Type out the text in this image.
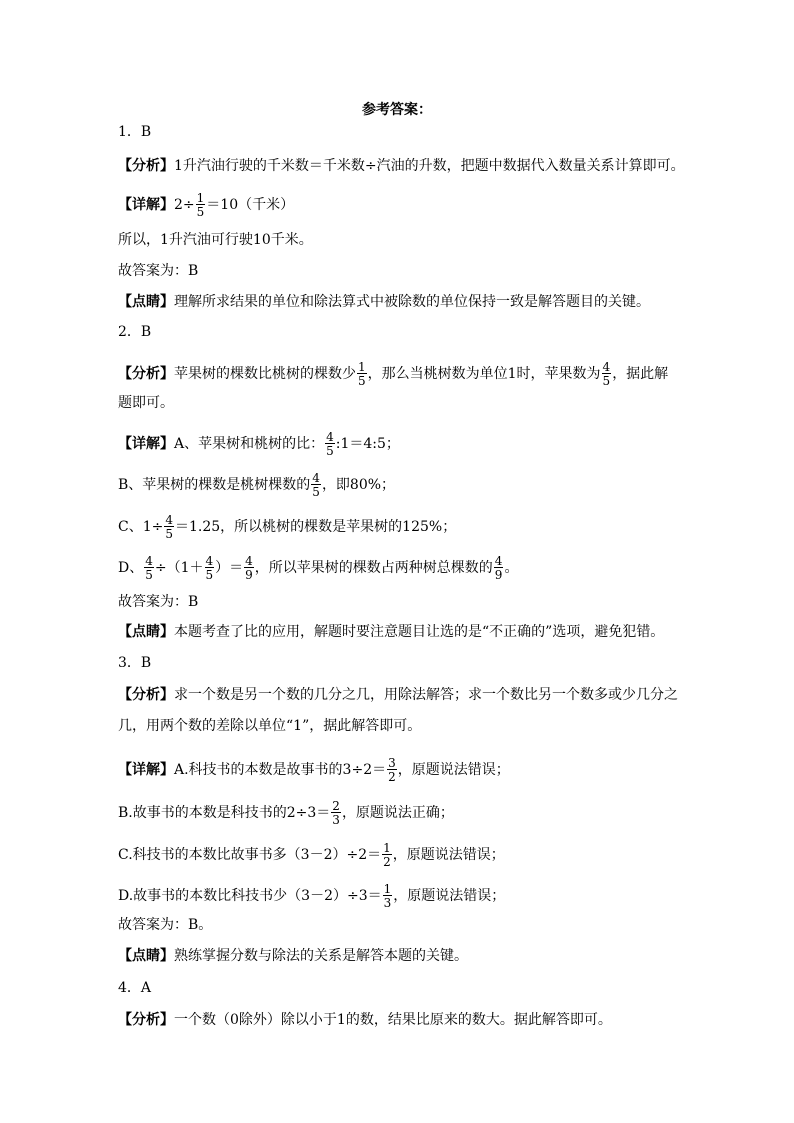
参考答案：
1．B
【分析】1升汽油行驶的千米数＝千米数÷汽油的升数，把题中数据代入数量关系计算即可。
【详解】$2\div \frac{1}{5} =10$（千米）
所以，1升汽油可行驶10千米。
故答案为：B
【点睛】理解所求结果的单位和除法算式中被除数的单位保持一致是解答题目的关键。
2．B
【分析】苹果树的棵数比桃树的棵数少 $\frac{1}{5}$ ，那么当桃树数为单位1时，苹果数为 $\frac{4}{5}$ ，据此解
题即可。
【详解】A、苹果树和桃树的比： $\frac{4}{5}$ :1＝4:5；
B、苹果树的棵数是桃树棵数的 $\frac{4}{5}$ ，即80%；
C、$1\div \frac{4}{5} =1.25$，所以桃树的棵数是苹果树的125%；
D、 $\frac{4}{5} \div(1+ \frac{4}{5}$ ）＝ $\frac{4}{9}$ ，所以苹果树的棵数占两种树总棵数的 $\frac{4}{9}$ 。
故答案为：B
【点睛】本题考查了比的应用，解题时要注意题目让选的是“不正确的”选项，避免犯错。
3．B
【分析】求一个数是另一个数的几分之几，用除法解答；求一个数比另一个数多或少几分之
几，用两个数的差除以单位“1”，据此解答即可。
【详解】A.科技书的本数是故事书的$3\div 2= \frac{3}{2}$ ，原题说法错误；
B.故事书的本数是科技书的$2\div 3= \frac{2}{3}$ ，原题说法正确；
C.科技书的本数比故事书多$(3-2)\div 2= \frac{1}{2}$ ，原题说法错误；
D.故事书的本数比科技书少$(3-2)\div 3= \frac{1}{3}$ ，原题说法错误；
故答案为：B。
【点睛】熟练掌握分数与除法的关系是解答本题的关键。
4．A
【分析】一个数（0除外）除以小于1的数，结果比原来的数大。据此解答即可。
